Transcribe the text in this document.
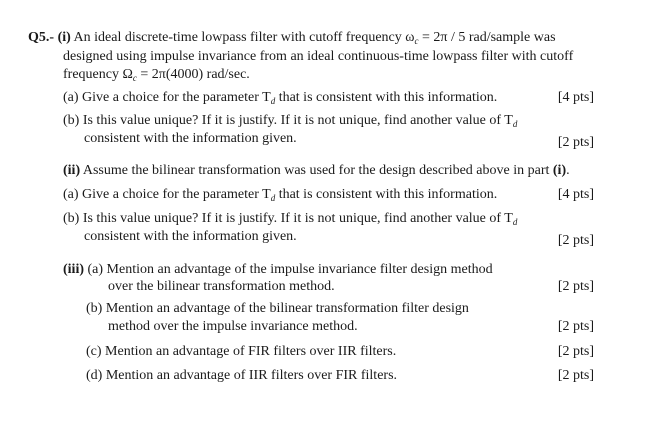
Q5.- (i) An ideal discrete-time lowpass filter with cutoff frequency $\omega_c = 2\pi / 5$ rad/sample was
designed using impulse invariance from an ideal continuous-time lowpass filter with cutoff
frequency $\Omega_c = 2\pi(4000)$ rad/sec.
(a) Give a choice for the parameter $T_d$ that is consistent with this information.	[4 pts]
(b) Is this value unique? If it is justify. If it is not unique, find another value of $T_d$
consistent with the information given.	[2 pts]
(ii) Assume the bilinear transformation was used for the design described above in part (i).
(a) Give a choice for the parameter $T_d$ that is consistent with this information.	[4 pts]
(b) Is this value unique? If it is justify. If it is not unique, find another value of $T_d$
consistent with the information given.	[2 pts]
(iii) (a) Mention an advantage of the impulse invariance filter design method
over the bilinear transformation method.	[2 pts]
(b) Mention an advantage of the bilinear transformation filter design
method over the impulse invariance method.	[2 pts]
(c) Mention an advantage of FIR filters over IIR filters.	[2 pts]
(d) Mention an advantage of IIR filters over FIR filters.	[2 pts]
